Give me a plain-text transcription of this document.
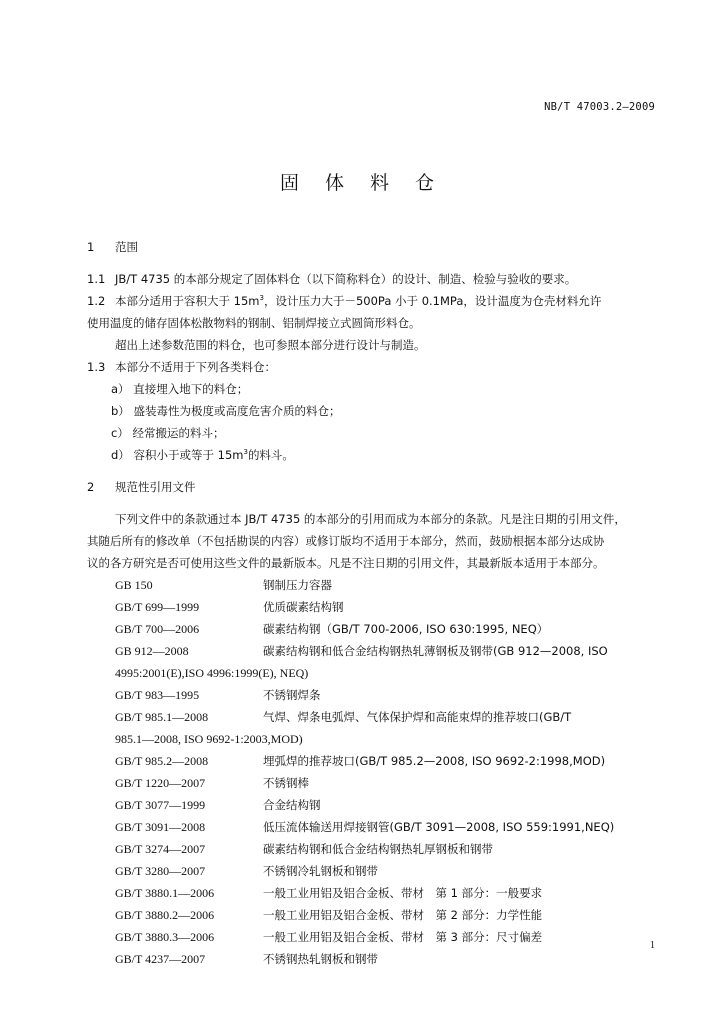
NB/T 47003.2—2009
固 体 料 仓
1 范围
1.1 JB/T 4735 的本部分规定了固体料仓（以下简称料仓）的设计、制造、检验与验收的要求。
1.2 本部分适用于容积大于 $15m^3$，设计压力大于－500Pa 小于 0.1MPa，设计温度为仓壳材料允许
使用温度的储存固体松散物料的钢制、铝制焊接立式圆筒形料仓。
超出上述参数范围的料仓，也可参照本部分进行设计与制造。
1.3 本部分不适用于下列各类料仓：
a） 直接埋入地下的料仓；
b） 盛装毒性为极度或高度危害介质的料仓；
c） 经常搬运的料斗；
d） 容积小于或等于 $15m^3$的料斗。
2 规范性引用文件
下列文件中的条款通过本 JB/T 4735 的本部分的引用而成为本部分的条款。凡是注日期的引用文件，
其随后所有的修改单（不包括勘误的内容）或修订版均不适用于本部分，然而，鼓励根据本部分达成协
议的各方研究是否可使用这些文件的最新版本。凡是不注日期的引用文件，其最新版本适用于本部分。
GB 150	钢制压力容器
GB/T 699—1999	优质碳素结构钢
GB/T 700—2006	碳素结构钢（GB/T 700-2006, ISO 630:1995, NEQ）
GB 912—2008	碳素结构钢和低合金结构钢热轧薄钢板及钢带(GB 912—2008, ISO
4995:2001(E),ISO 4996:1999(E), NEQ)
GB/T 983—1995	不锈钢焊条
GB/T 985.1—2008	气焊、焊条电弧焊、气体保护焊和高能束焊的推荐坡口(GB/T
985.1—2008, ISO 9692-1:2003,MOD)
GB/T 985.2—2008	埋弧焊的推荐坡口(GB/T 985.2—2008, ISO 9692-2:1998,MOD)
GB/T 1220—2007	不锈钢棒
GB/T 3077—1999	合金结构钢
GB/T 3091—2008	低压流体输送用焊接钢管(GB/T 3091—2008, ISO 559:1991,NEQ)
GB/T 3274—2007	碳素结构钢和低合金结构钢热轧厚钢板和钢带
GB/T 3280—2007	不锈钢冷轧钢板和钢带
GB/T 3880.1—2006	一般工业用铝及铝合金板、带材　第 1 部分：一般要求
GB/T 3880.2—2006	一般工业用铝及铝合金板、带材　第 2 部分：力学性能
GB/T 3880.3—2006	一般工业用铝及铝合金板、带材　第 3 部分：尺寸偏差
GB/T 4237—2007	不锈钢热轧钢板和钢带
1
